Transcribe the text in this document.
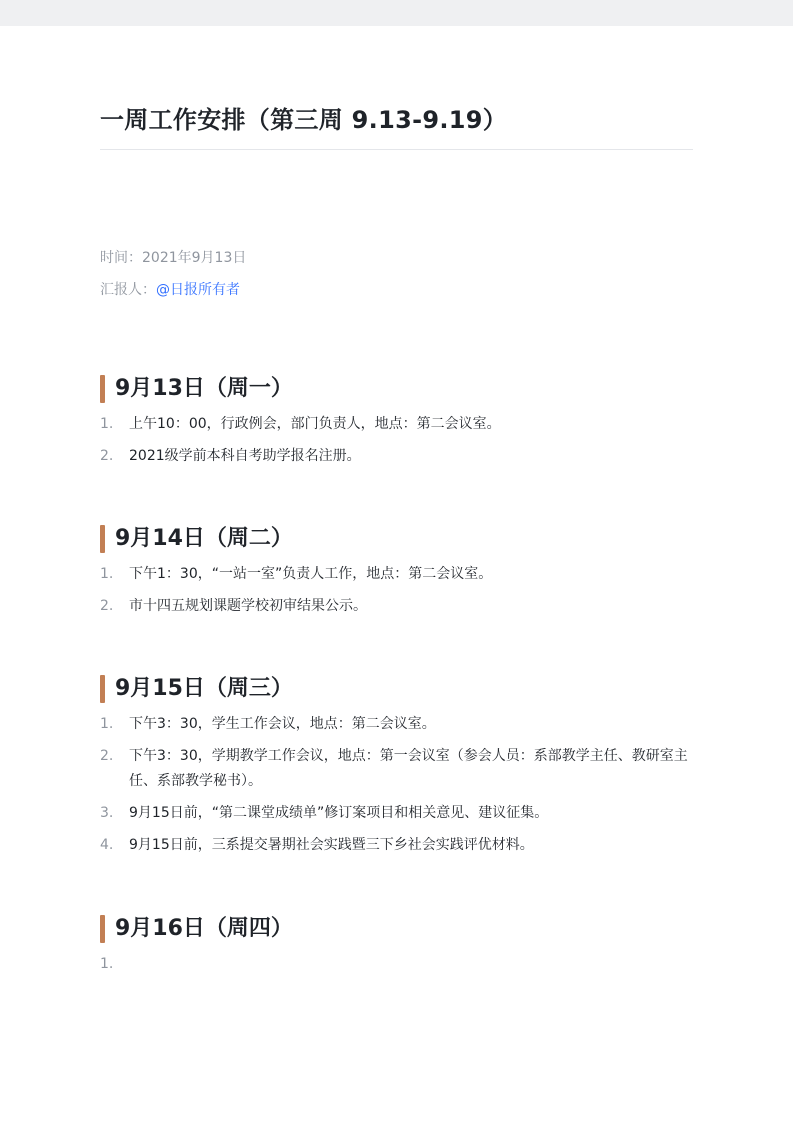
一周工作安排（第三周 9.13-9.19）
时间：2021年9月13日
汇报人：@日报所有者
9月13日（周一）
1. 上午10：00，行政例会，部门负责人，地点：第二会议室。
2. 2021级学前本科自考助学报名注册。
9月14日（周二）
1. 下午1：30，“一站一室”负责人工作，地点：第二会议室。
2. 市十四五规划课题学校初审结果公示。
9月15日（周三）
1. 下午3：30，学生工作会议，地点：第二会议室。
2. 下午3：30，学期教学工作会议，地点：第一会议室（参会人员：系部教学主任、教研室主任、系部教学秘书）。
3. 9月15日前，“第二课堂成绩单”修订案项目和相关意见、建议征集。
4. 9月15日前，三系提交暑期社会实践暨三下乡社会实践评优材料。
9月16日（周四）
1.
